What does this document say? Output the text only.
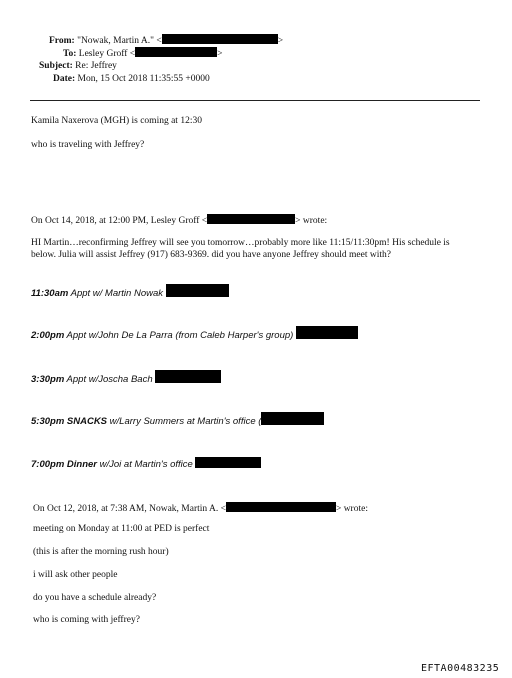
From: "Nowak, Martin A." <	>
To: Lesley Groff <	>
Subject: Re: Jeffrey
Date: Mon, 15 Oct 2018 11:35:55 +0000
Kamila Naxerova (MGH) is coming at 12:30
who is traveling with Jeffrey?
On Oct 14, 2018, at 12:00 PM, Lesley Groff <	> wrote:
HI Martin…reconfirming Jeffrey will see you tomorrow…probably more like 11:15/11:30pm! His schedule is
below. Julia will assist Jeffrey (917) 683-9369. did you have anyone Jeffrey should meet with?
11:30am Appt w/ Martin Nowak
2:00pm Appt w/John De La Parra (from Caleb Harper's group)
3:30pm Appt w/Joscha Bach
5:30pm SNACKS w/Larry Summers at Martin's office (
7:00pm Dinner w/Joi at Martin's office
On Oct 12, 2018, at 7:38 AM, Nowak, Martin A. <	> wrote:
meeting on Monday at 11:00 at PED is perfect
(this is after the morning rush hour)
i will ask other people
do you have a schedule already?
who is coming with jeffrey?
EFTA00483235
